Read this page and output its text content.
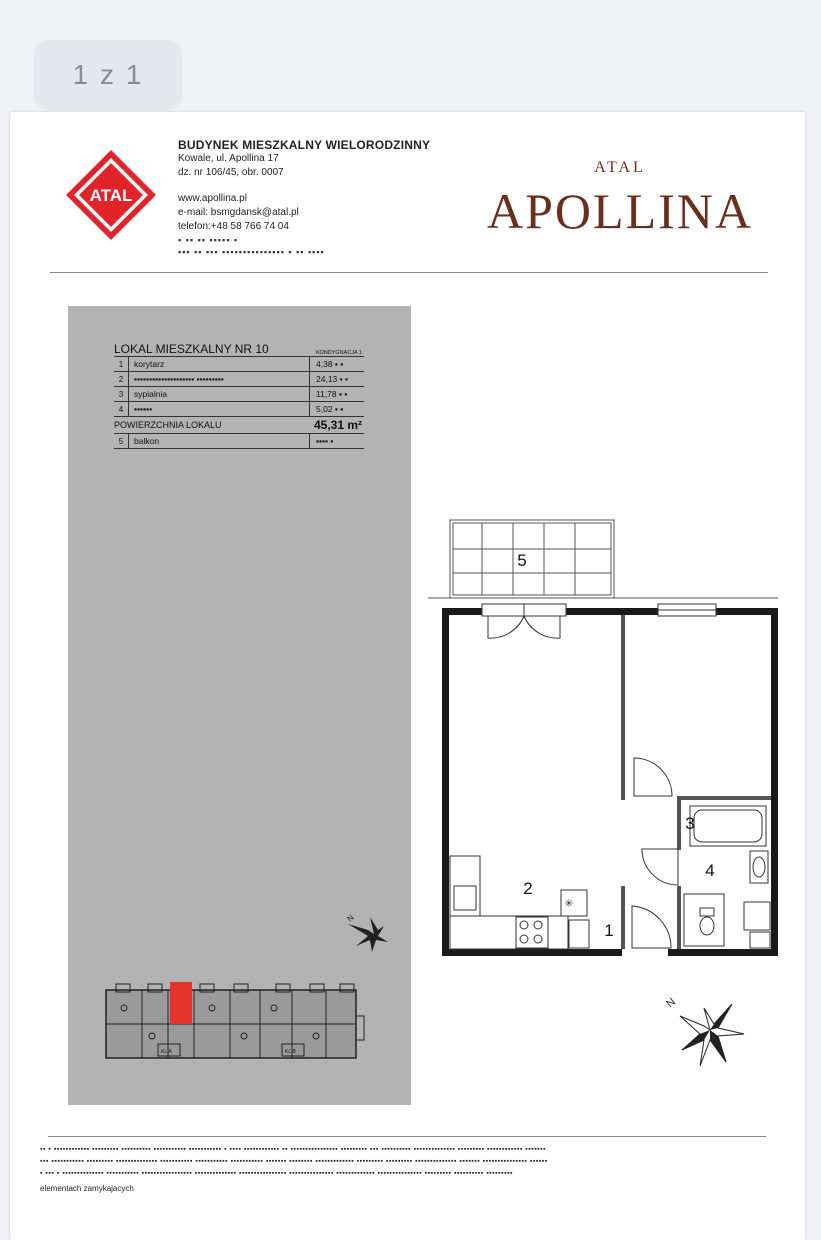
1 z 1
ATAL
BUDYNEK MIESZKALNY WIELORODZINNY
Kowale, ul. Apollina 17
dz. nr 106/45, obr. 0007
www.apollina.pl
e-mail: bsmgdansk@atal.pl
telefon:+48 58 766 74 04
▪ ▪▪ ▪▪ ▪▪▪▪▪ ▪
▪▪▪ ▪▪ ▪▪▪ ▪▪▪▪▪▪▪▪▪▪▪▪▪▪▪ ▪ ▪▪ ▪▪▪▪
ATAL
APOLLINA
LOKAL MIESZKALNY NR 10	KONDYGNACJA 1
1	korytarz	4,38 ▪ ▪
2	▪▪▪▪▪▪▪▪▪▪▪▪▪▪▪▪▪▪▪▪ ▪▪▪▪▪▪▪▪▪	24,13 ▪ ▪
3	sypialnia	11,78 ▪ ▪
4	▪▪▪▪▪▪	5,02 ▪ ▪
POWIERZCHNIA LOKALU	45,31 m²
5	balkon	▪▪▪▪ ▪
✳
1
2
3
4
5
N
N
KL.A	KL.B
▪▪ ▪ ▪▪▪▪▪▪▪▪▪▪▪▪ ▪▪▪▪▪▪▪▪▪ ▪▪▪▪▪▪▪▪▪▪ ▪▪▪▪▪▪▪▪▪▪▪ ▪▪▪▪▪▪▪▪▪▪▪ ▪ ▪▪▪▪ ▪▪▪▪▪▪▪▪▪▪▪▪ ▪▪ ▪▪▪▪▪▪▪▪▪▪▪▪▪▪▪▪ ▪▪▪▪▪▪▪▪▪ ▪▪▪ ▪▪▪▪▪▪▪▪▪▪ ▪▪▪▪▪▪▪▪▪▪▪▪▪▪ ▪▪▪▪▪▪▪▪▪ ▪▪▪▪▪▪▪▪▪▪▪▪ ▪▪▪▪▪▪▪
▪▪▪ ▪▪▪▪▪▪▪▪▪▪▪ ▪▪▪▪▪▪▪▪▪ ▪▪▪▪▪▪▪▪▪▪▪▪▪▪ ▪▪▪▪▪▪▪▪▪▪▪ ▪▪▪▪▪▪▪▪▪▪▪ ▪▪▪▪▪▪▪▪▪▪▪ ▪▪▪▪▪▪▪ ▪▪▪▪▪▪▪▪ ▪▪▪▪▪▪▪▪▪▪▪▪▪ ▪▪▪▪▪▪▪▪▪ ▪▪▪▪▪▪▪▪▪ ▪▪▪▪▪▪▪▪▪▪▪▪▪▪ ▪▪▪▪▪▪▪ ▪▪▪▪▪▪▪▪▪▪▪▪▪▪▪ ▪▪▪▪▪▪
▪ ▪▪▪ ▪ ▪▪▪▪▪▪▪▪▪▪▪▪▪▪ ▪▪▪▪▪▪▪▪▪▪▪ ▪▪▪▪▪▪▪▪▪▪▪▪▪▪▪▪▪ ▪▪▪▪▪▪▪▪▪▪▪▪▪▪ ▪▪▪▪▪▪▪▪▪▪▪▪▪▪▪▪ ▪▪▪▪▪▪▪▪▪▪▪▪▪▪▪ ▪▪▪▪▪▪▪▪▪▪▪▪▪ ▪▪▪▪▪▪▪▪▪▪▪▪▪▪▪ ▪▪▪▪▪▪▪▪▪ ▪▪▪▪▪▪▪▪▪▪ ▪▪▪▪▪▪▪▪▪
elementach zamykajacych
